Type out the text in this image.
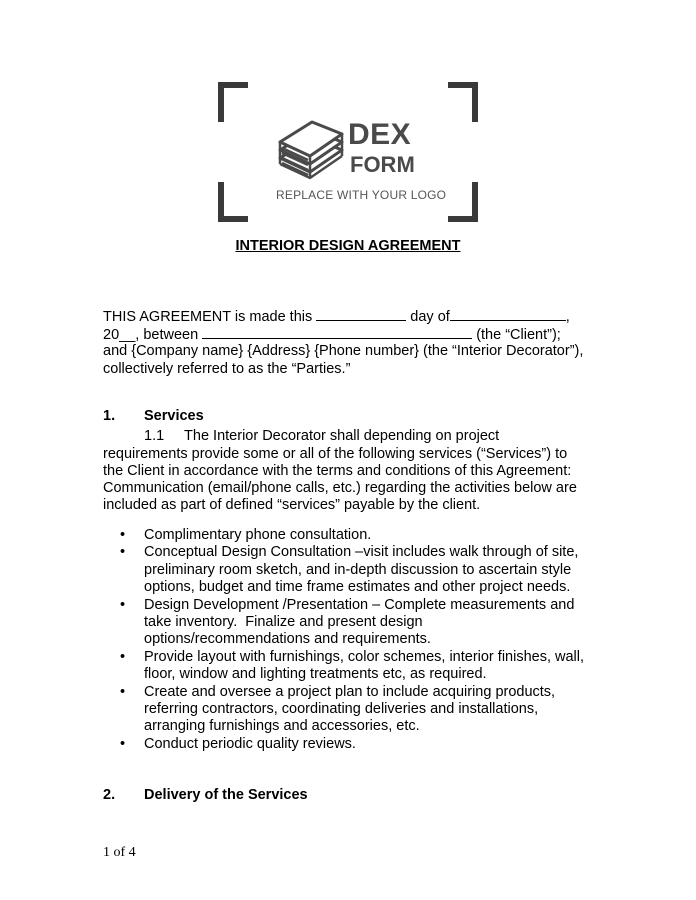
DEX
FORM
REPLACE WITH YOUR LOGO
INTERIOR DESIGN AGREEMENT
THIS AGREEMENT is made this	day of	,
20__, between	(the “Client”);
and {Company name} {Address} {Phone number} (the “Interior Decorator”),
collectively referred to as the “Parties.”
1. Services
1.1     The Interior Decorator shall depending on project
requirements provide some or all of the following services (“Services”) to
the Client in accordance with the terms and conditions of this Agreement:
Communication (email/phone calls, etc.) regarding the activities below are
included as part of defined “services” payable by the client.
• Complimentary phone consultation.
• Conceptual Design Consultation –visit includes walk through of site,
preliminary room sketch, and in-depth discussion to ascertain style
options, budget and time frame estimates and other project needs.
• Design Development /Presentation – Complete measurements and
take inventory.  Finalize and present design
options/recommendations and requirements.
• Provide layout with furnishings, color schemes, interior finishes, wall,
floor, window and lighting treatments etc, as required.
• Create and oversee a project plan to include acquiring products,
referring contractors, coordinating deliveries and installations,
arranging furnishings and accessories, etc.
• Conduct periodic quality reviews.
2. Delivery of the Services
1 of 4
